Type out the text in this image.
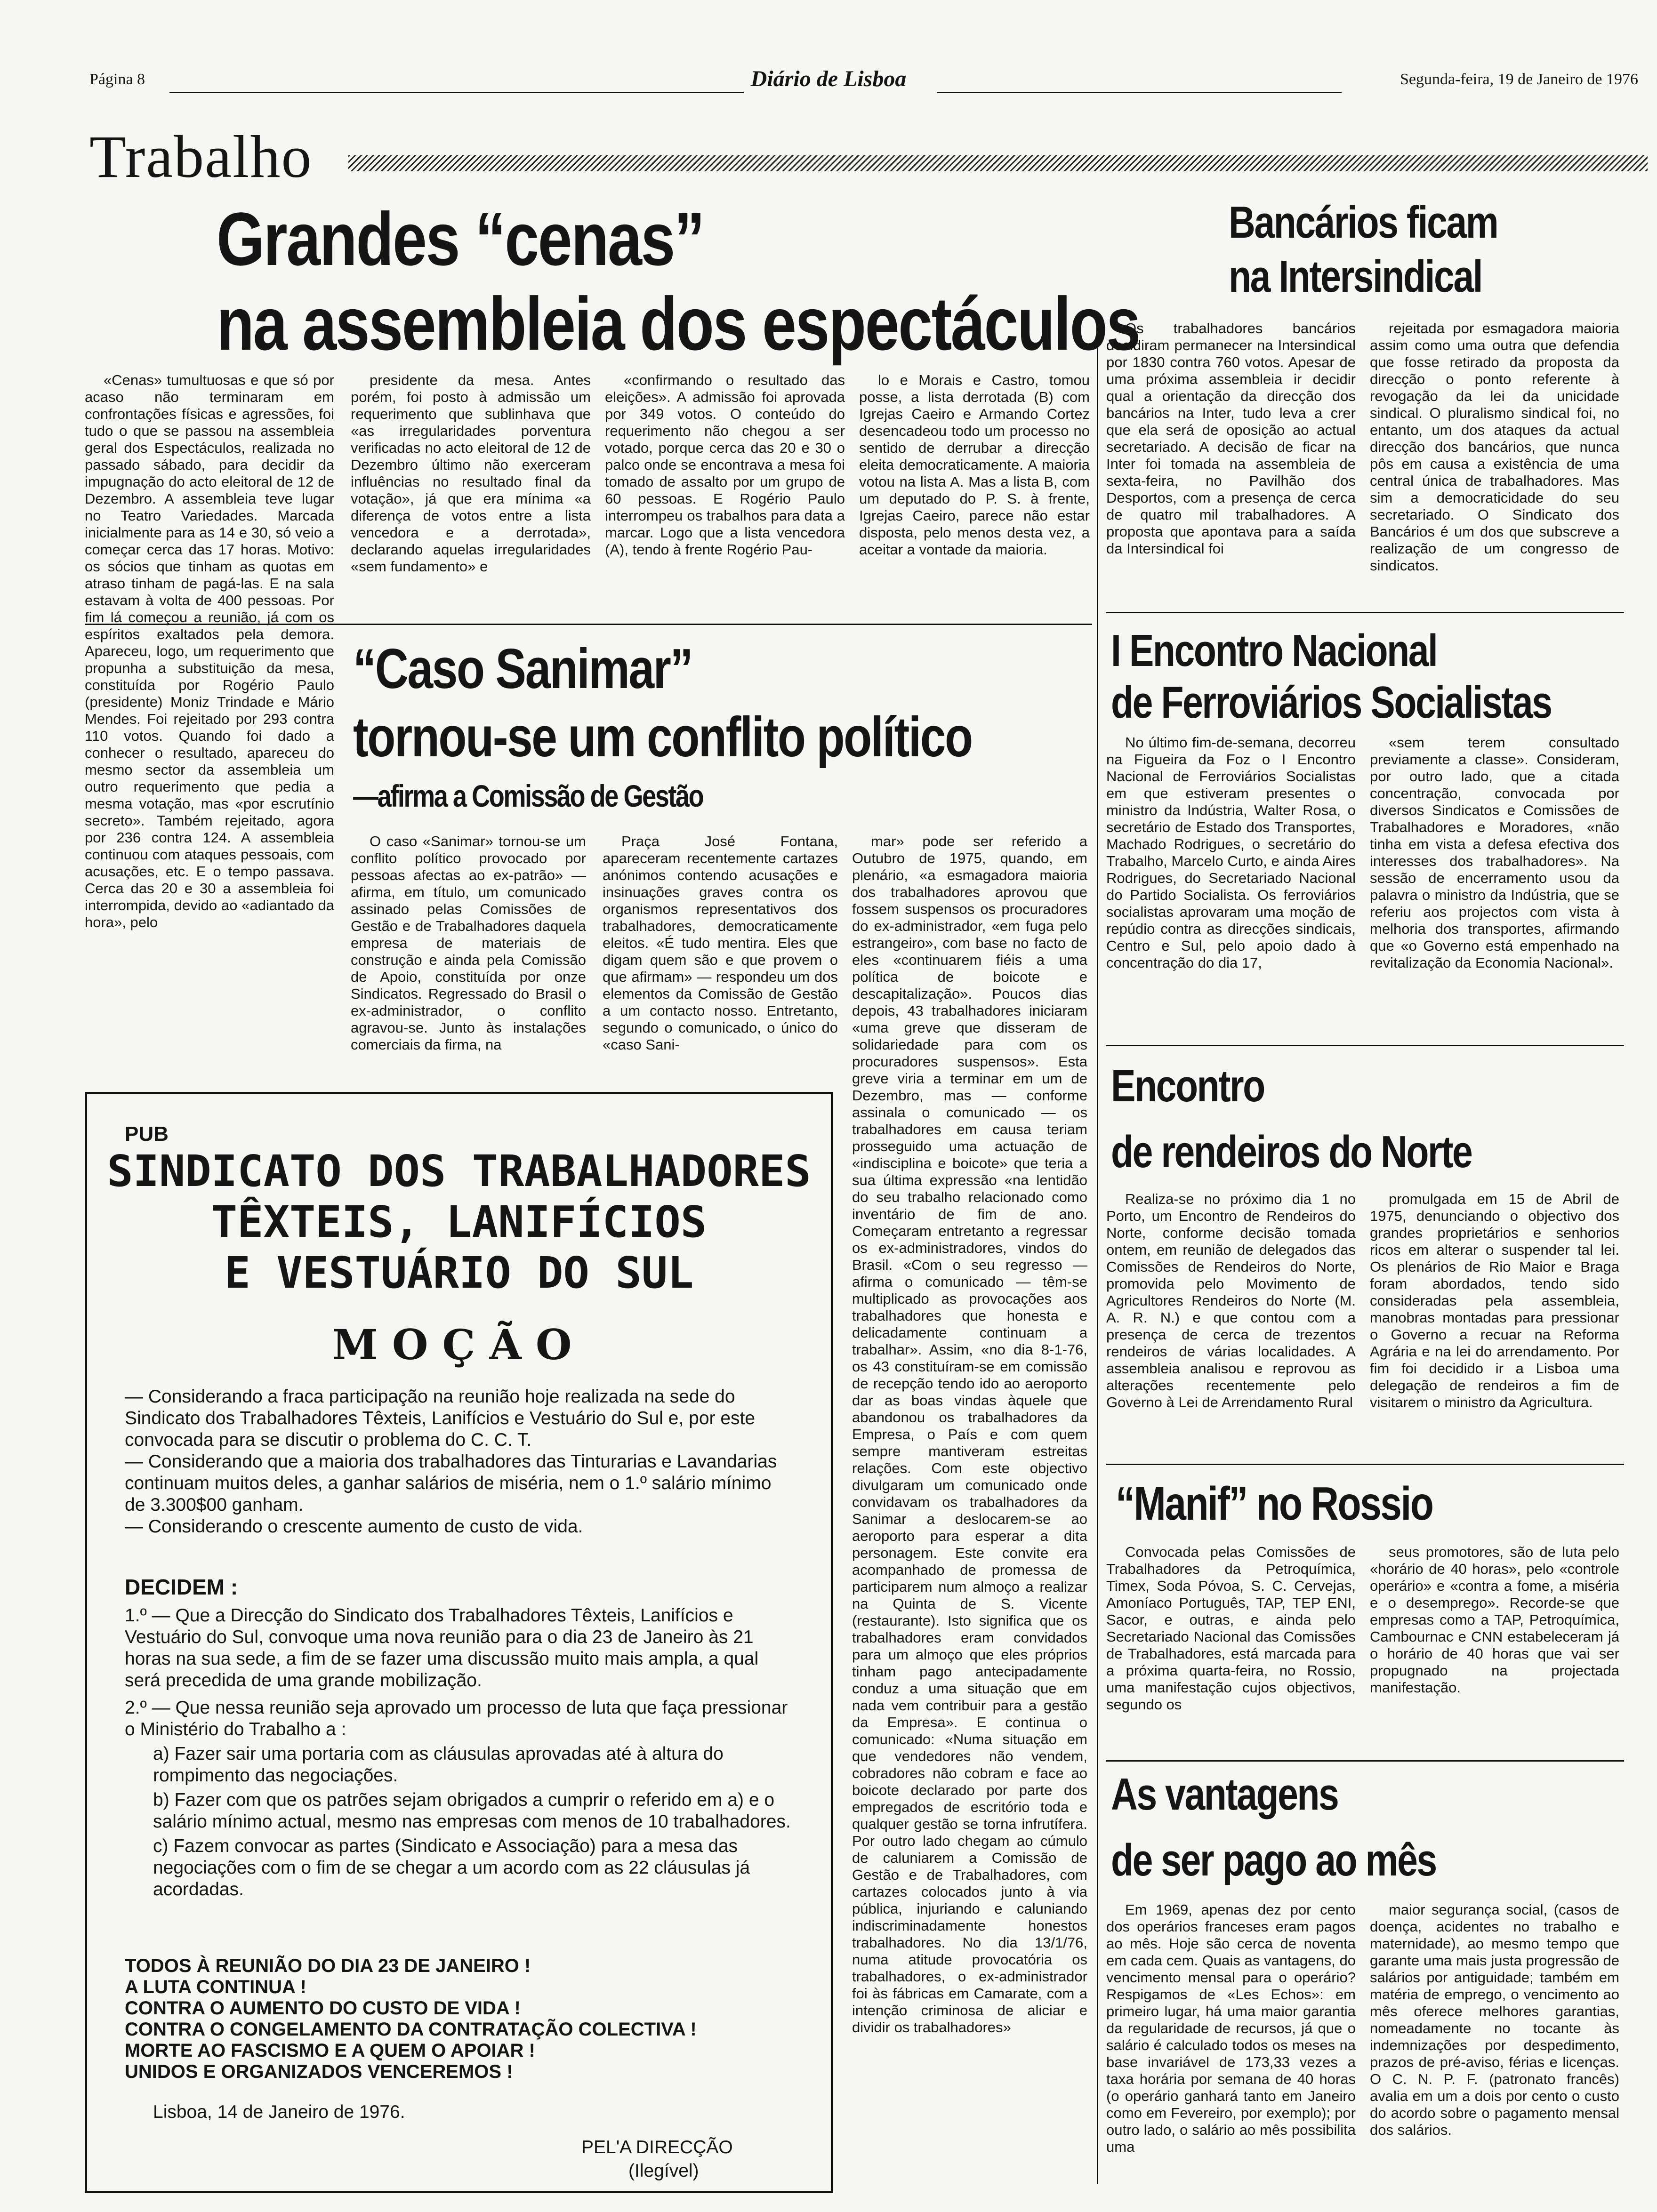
Página 8	Diário de Lisboa	Segunda-feira, 19 de Janeiro de 1976
Trabalho
Grandes “cenas”
na assembleia dos espectáculos

«Cenas» tumultuosas e que só por acaso não terminaram em confrontações físicas e agressões, foi tudo o que se passou na assembleia geral dos Espectáculos, realizada no passado sábado, para decidir da impugnação do acto eleitoral de 12 de Dezembro. A assembleia teve lugar no Teatro Variedades. Marcada inicialmente para as 14 e 30, só veio a começar cerca das 17 horas. Motivo: os sócios que tinham as quotas em atraso tinham de pagá-las. E na sala estavam à volta de 400 pessoas. Por fim lá começou a reunião, já com os espíritos exaltados pela demora. Apareceu, logo, um requerimento que propunha a substituição da mesa, constituída por Rogério Paulo (presidente) Moniz Trindade e Mário Mendes. Foi rejeitado por 293 contra 110 votos. Quando foi dado a conhecer o resultado, apareceu do mesmo sector da assembleia um outro requerimento que pedia a mesma votação, mas «por escrutínio secreto». Também rejeitado, agora por 236 contra 124. A assembleia continuou com ataques pessoais, com acusações, etc. E o tempo passava. Cerca das 20 e 30 a assembleia foi interrompida, devido ao «adiantado da hora», pelo

presidente da mesa. Antes porém, foi posto à admissão um requerimento que sublinhava que «as irregularidades porventura verificadas no acto eleitoral de 12 de Dezembro último não exerceram influências no resultado final da votação», já que era mínima «a diferença de votos entre a lista vencedora e a derrotada», declarando aquelas irregularidades «sem fundamento» e

«confirmando o resultado das eleições». A admissão foi aprovada por 349 votos. O conteúdo do requerimento não chegou a ser votado, porque cerca das 20 e 30 o palco onde se encontrava a mesa foi tomado de assalto por um grupo de 60 pessoas. E Rogério Paulo interrompeu os trabalhos para data a marcar. Logo que a lista vencedora (A), tendo à frente Rogério Pau-

lo e Morais e Castro, tomou posse, a lista derrotada (B) com Igrejas Caeiro e Armando Cortez desencadeou todo um processo no sentido de derrubar a direcção eleita democraticamente. A maioria votou na lista A. Mas a lista B, com um deputado do P. S. à frente, Igrejas Caeiro, parece não estar disposta, pelo menos desta vez, a aceitar a vontade da maioria.

“Caso Sanimar”
tornou-se um conflito político
—afirma a Comissão de Gestão

O caso «Sanimar» tornou-se um conflito político provocado por pessoas afectas ao ex-patrão» — afirma, em título, um comunicado assinado pelas Comissões de Gestão e de Trabalhadores daquela empresa de materiais de construção e ainda pela Comissão de Apoio, constituída por onze Sindicatos. Regressado do Brasil o ex-administrador, o conflito agravou-se. Junto às instalações comerciais da firma, na

Praça José Fontana, apareceram recentemente cartazes anónimos contendo acusações e insinuações graves contra os organismos representativos dos trabalhadores, democraticamente eleitos. «É tudo mentira. Eles que digam quem são e que provem o que afirmam» — respondeu um dos elementos da Comissão de Gestão a um contacto nosso. Entretanto, segundo o comunicado, o único do «caso Sani-

mar» pode ser referido a Outubro de 1975, quando, em plenário, «a esmagadora maioria dos trabalhadores aprovou que fossem suspensos os procuradores do ex-administrador, «em fuga pelo estrangeiro», com base no facto de eles «continuarem fiéis a uma política de boicote e descapitalização». Poucos dias depois, 43 trabalhadores iniciaram «uma greve que disseram de solidariedade para com os procuradores suspensos». Esta greve viria a terminar em um de Dezembro, mas — conforme assinala o comunicado — os trabalhadores em causa teriam prosseguido uma actuação de «indisciplina e boicote» que teria a sua última expressão «na lentidão do seu trabalho relacionado como inventário de fim de ano. Começaram entretanto a regressar os ex-administradores, vindos do Brasil. «Com o seu regresso — afirma o comunicado — têm-se multiplicado as provocações aos trabalhadores que honesta e delicadamente continuam a trabalhar». Assim, «no dia 8-1-76, os 43 constituíram-se em comissão de recepção tendo ido ao aeroporto dar as boas vindas àquele que abandonou os trabalhadores da Empresa, o País e com quem sempre mantiveram estreitas relações. Com este objectivo divulgaram um comunicado onde convidavam os trabalhadores da Sanimar a deslocarem-se ao aeroporto para esperar a dita personagem. Este convite era acompanhado de promessa de participarem num almoço a realizar na Quinta de S. Vicente (restaurante). Isto significa que os trabalhadores eram convidados para um almoço que eles próprios tinham pago antecipadamente conduz a uma situação que em nada vem contribuir para a gestão da Empresa». E continua o comunicado: «Numa situação em que vendedores não vendem, cobradores não cobram e face ao boicote declarado por parte dos empregados de escritório toda e qualquer gestão se torna infrutífera. Por outro lado chegam ao cúmulo de caluniarem a Comissão de Gestão e de Trabalhadores, com cartazes colocados junto à via pública, injuriando e caluniando indiscriminadamente honestos trabalhadores. No dia 13/1/76, numa atitude provocatória os trabalhadores, o ex-administrador foi às fábricas em Camarate, com a intenção criminosa de aliciar e dividir os trabalhadores»

Bancários ficam
na Intersindical

Os trabalhadores bancários decidiram permanecer na Intersindical por 1830 contra 760 votos. Apesar de uma próxima assembleia ir decidir qual a orientação da direcção dos bancários na Inter, tudo leva a crer que ela será de oposição ao actual secretariado. A decisão de ficar na Inter foi tomada na assembleia de sexta-feira, no Pavilhão dos Desportos, com a presença de cerca de quatro mil trabalhadores. A proposta que apontava para a saída da Intersindical foi

rejeitada por esmagadora maioria assim como uma outra que defendia que fosse retirado da proposta da direcção o ponto referente à revogação da lei da unicidade sindical. O pluralismo sindical foi, no entanto, um dos ataques da actual direcção dos bancários, que nunca pôs em causa a existência de uma central única de trabalhadores. Mas sim a democraticidade do seu secretariado. O Sindicato dos Bancários é um dos que subscreve a realização de um congresso de sindicatos.

I Encontro Nacional
de Ferroviários Socialistas

No último fim-de-semana, decorreu na Figueira da Foz o I Encontro Nacional de Ferroviários Socialistas em que estiveram presentes o ministro da Indústria, Walter Rosa, o secretário de Estado dos Transportes, Machado Rodrigues, o secretário do Trabalho, Marcelo Curto, e ainda Aires Rodrigues, do Secretariado Nacional do Partido Socialista. Os ferroviários socialistas aprovaram uma moção de repúdio contra as direcções sindicais, Centro e Sul, pelo apoio dado à concentração do dia 17,

«sem terem consultado previamente a classe». Consideram, por outro lado, que a citada concentração, convocada por diversos Sindicatos e Comissões de Trabalhadores e Moradores, «não tinha em vista a defesa efectiva dos interesses dos trabalhadores». Na sessão de encerramento usou da palavra o ministro da Indústria, que se referiu aos projectos com vista à melhoria dos transportes, afirmando que «o Governo está empenhado na revitalização da Economia Nacional».

Encontro
de rendeiros do Norte

Realiza-se no próximo dia 1 no Porto, um Encontro de Rendeiros do Norte, conforme decisão tomada ontem, em reunião de delegados das Comissões de Rendeiros do Norte, promovida pelo Movimento de Agricultores Rendeiros do Norte (M. A. R. N.) e que contou com a presença de cerca de trezentos rendeiros de várias localidades. A assembleia analisou e reprovou as alterações recentemente pelo Governo à Lei de Arrendamento Rural

promulgada em 15 de Abril de 1975, denunciando o objectivo dos grandes proprietários e senhorios ricos em alterar o suspender tal lei. Os plenários de Rio Maior e Braga foram abordados, tendo sido consideradas pela assembleia, manobras montadas para pressionar o Governo a recuar na Reforma Agrária e na lei do arrendamento. Por fim foi decidido ir a Lisboa uma delegação de rendeiros a fim de visitarem o ministro da Agricultura.

“Manif” no Rossio

Convocada pelas Comissões de Trabalhadores da Petroquímica, Timex, Soda Póvoa, S. C. Cervejas, Amoníaco Português, TAP, TEP ENI, Sacor, e outras, e ainda pelo Secretariado Nacional das Comissões de Trabalhadores, está marcada para a próxima quarta-feira, no Rossio, uma manifestação cujos objectivos, segundo os

seus promotores, são de luta pelo «horário de 40 horas», pelo «controle operário» e «contra a fome, a miséria e o desemprego». Recorde-se que empresas como a TAP, Petroquímica, Cambournac e CNN estabeleceram já o horário de 40 horas que vai ser propugnado na projectada manifestação.

As vantagens
de ser pago ao mês

Em 1969, apenas dez por cento dos operários franceses eram pagos ao mês. Hoje são cerca de noventa em cada cem. Quais as vantagens, do vencimento mensal para o operário? Respigamos de «Les Echos»: em primeiro lugar, há uma maior garantia da regularidade de recursos, já que o salário é calculado todos os meses na base invariável de 173,33 vezes a taxa horária por semana de 40 horas (o operário ganhará tanto em Janeiro como em Fevereiro, por exemplo); por outro lado, o salário ao mês possibilita uma

maior segurança social, (casos de doença, acidentes no trabalho e maternidade), ao mesmo tempo que garante uma mais justa progressão de salários por antiguidade; também em matéria de emprego, o vencimento ao mês oferece melhores garantias, nomeadamente no tocante às indemnizações por despedimento, prazos de pré-aviso, férias e licenças. O C. N. P. F. (patronato francês) avalia em um a dois por cento o custo do acordo sobre o pagamento mensal dos salários.

PUB
SINDICATO DOS TRABALHADORES
TÊXTEIS, LANIFÍCIOS
E VESTUÁRIO DO SUL
MOÇÃO
— Considerando a fraca participação na reunião hoje realizada na sede do Sindicato dos Trabalhadores Têxteis, Lanifícios e Vestuário do Sul e, por este convocada para se discutir o problema do C. C. T.
— Considerando que a maioria dos trabalhadores das Tinturarias e Lavandarias continuam muitos deles, a ganhar salários de miséria, nem o 1.º salário mínimo de 3.300$00 ganham.
— Considerando o crescente aumento de custo de vida.
DECIDEM :
1.º — Que a Direcção do Sindicato dos Trabalhadores Têxteis, Lanifícios e Vestuário do Sul, convoque uma nova reunião para o dia 23 de Janeiro às 21 horas na sua sede, a fim de se fazer uma discussão muito mais ampla, a qual será precedida de uma grande mobilização.
2.º — Que nessa reunião seja aprovado um processo de luta que faça pressionar o Ministério do Trabalho a :
a) Fazer sair uma portaria com as cláusulas aprovadas até à altura do rompimento das negociações.
b) Fazer com que os patrões sejam obrigados a cumprir o referido em a) e o salário mínimo actual, mesmo nas empresas com menos de 10 trabalhadores.
c) Fazem convocar as partes (Sindicato e Associação) para a mesa das negociações com o fim de se chegar a um acordo com as 22 cláusulas já acordadas.
TODOS À REUNIÃO DO DIA 23 DE JANEIRO !
A LUTA CONTINUA !
CONTRA O AUMENTO DO CUSTO DE VIDA !
CONTRA O CONGELAMENTO DA CONTRATAÇÃO COLECTIVA !
MORTE AO FASCISMO E A QUEM O APOIAR !
UNIDOS E ORGANIZADOS VENCEREMOS !
Lisboa, 14 de Janeiro de 1976.
PEL'A DIRECÇÃO
(Ilegível)
